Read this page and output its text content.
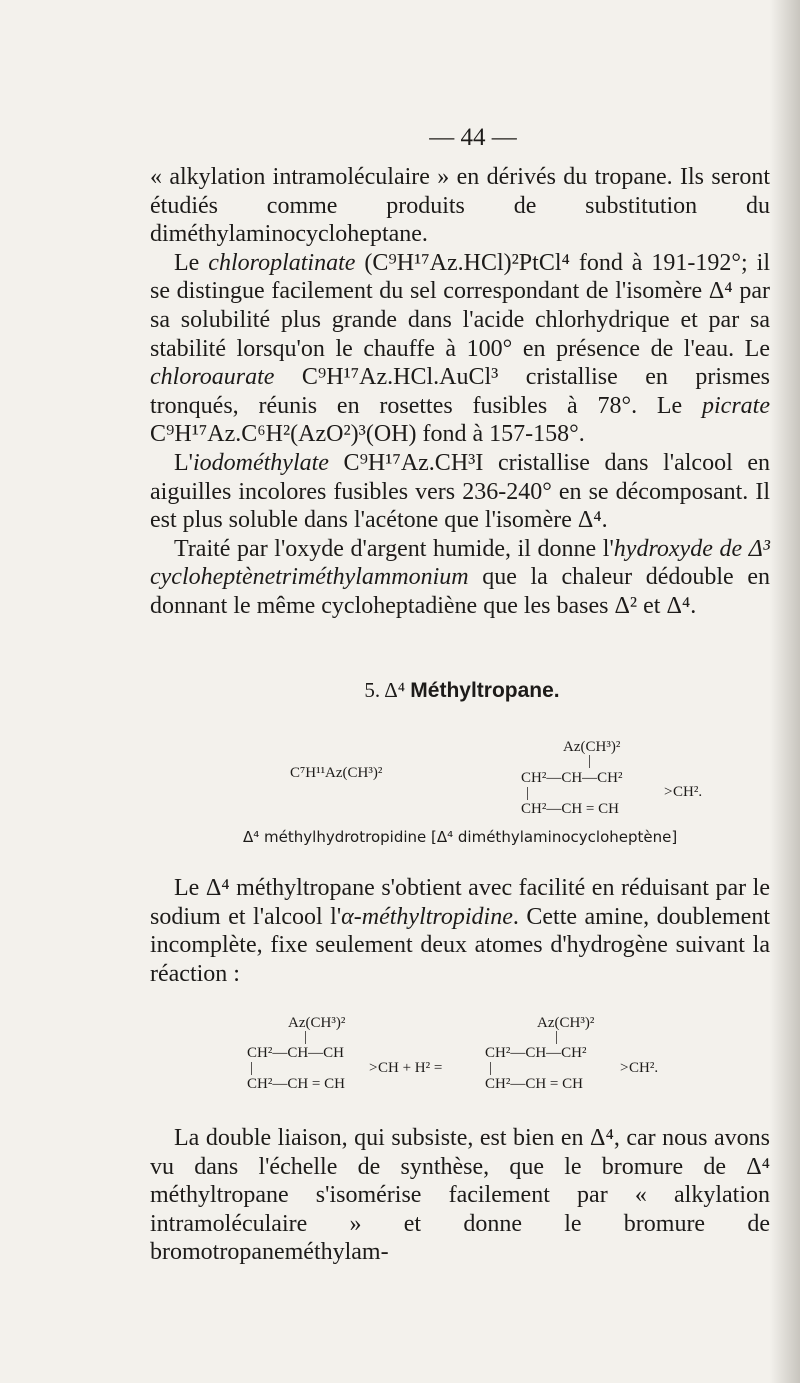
— 44 —

« alkylation intramoléculaire » en dérivés du tropane. Ils seront étudiés comme produits de substitution du diméthylaminocycloheptane.

Le chloroplatinate (C⁹H¹⁷Az.HCl)²PtCl⁴ fond à 191-192°; il se distingue facilement du sel correspondant de l'isomère Δ⁴ par sa solubilité plus grande dans l'acide chlorhydrique et par sa stabilité lorsqu'on le chauffe à 100° en présence de l'eau. Le chloroaurate C⁹H¹⁷Az.HCl.AuCl³ cristallise en prismes tronqués, réunis en rosettes fusibles à 78°. Le picrate C⁹H¹⁷Az.C⁶H²(AzO²)³(OH) fond à 157-158°.

L'iodométhylate C⁹H¹⁷Az.CH³I cristallise dans l'alcool en aiguilles incolores fusibles vers 236-240° en se décomposant. Il est plus soluble dans l'acétone que l'isomère Δ⁴.

Traité par l'oxyde d'argent humide, il donne l'hydroxyde de Δ³ cycloheptènetriméthylammonium que la chaleur dédouble en donnant le même cycloheptadiène que les bases Δ² et Δ⁴.

5. Δ⁴ Méthyltropane.
C⁷H¹¹Az(CH³)²
Az(CH³)²
|
CH²—CH—CH²
|	> CH².
CH²—CH = CH
Δ⁴ méthylhydrotropidine [Δ⁴ diméthylaminocycloheptène]

Le Δ⁴ méthyltropane s'obtient avec facilité en réduisant par le sodium et l'alcool l'α-méthyltropidine. Cette amine, doublement incomplète, fixe seulement deux atomes d'hydrogène suivant la réaction :

Az(CH³)²
|
CH²—CH—CH
|	> CH + H² =
CH²—CH = CH
Az(CH³)²
|
CH²—CH—CH²
|	> CH².
CH²—CH = CH

La double liaison, qui subsiste, est bien en Δ⁴, car nous avons vu dans l'échelle de synthèse, que le bromure de Δ⁴ méthyltropane s'isomérise facilement par « alkylation intramoléculaire » et donne le bromure de bromotropaneméthylam-
